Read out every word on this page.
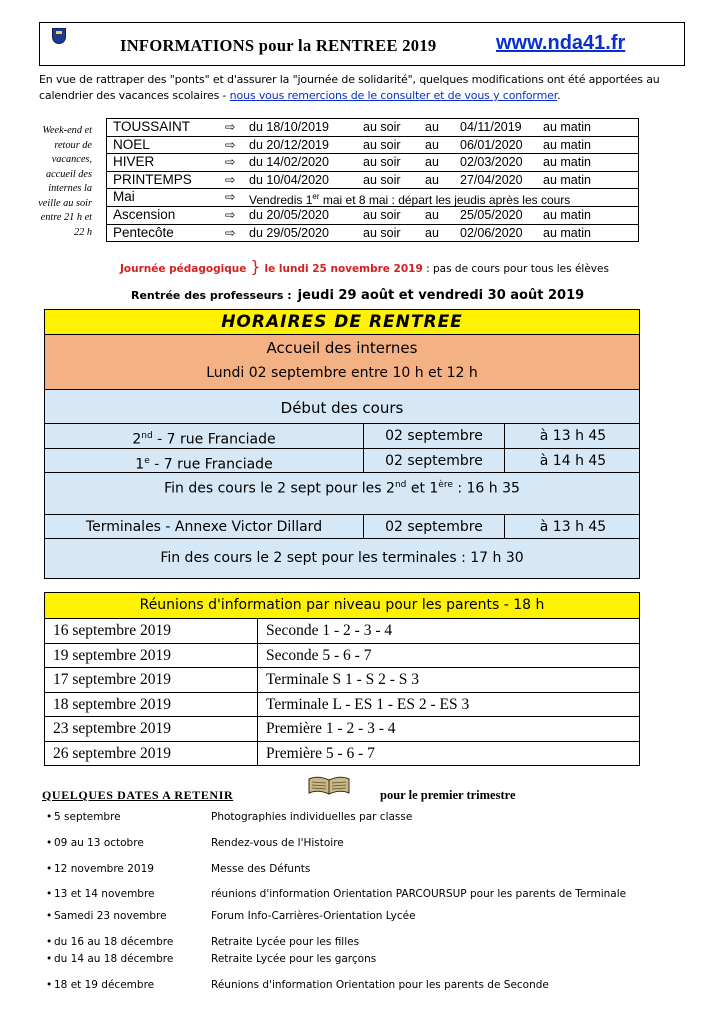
INFORMATIONS pour la RENTREE 2019	www.nda41.fr
En vue de rattraper des "ponts" et d'assurer la "journée de solidarité", quelques modifications ont été apportées au calendrier des vacances scolaires - nous vous remercions de le consulter et de vous y conformer.
Week-end et retour de vacances, accueil des internes la veille au soir entre 21 h et 22 h
TOUSSAINT	⇨ du 18/10/2019	au soir au 04/11/2019 au matin
NOEL	⇨ du 20/12/2019	au soir au 06/01/2020 au matin
HIVER	⇨ du 14/02/2020	au soir au 02/03/2020 au matin
PRINTEMPS	⇨ du 10/04/2020	au soir au 27/04/2020 au matin
Mai	⇨ Vendredis 1er mai et 8 mai : départ les jeudis après les cours
Ascension	⇨ du 20/05/2020	au soir au 25/05/2020 au matin
Pentecôte	⇨ du 29/05/2020	au soir au 02/06/2020 au matin
Journée pédagogique } le lundi 25 novembre 2019 : pas de cours pour tous les élèves
Rentrée des professeurs : jeudi 29 août et vendredi 30 août 2019
HORAIRES DE RENTREE
Accueil des internes
Lundi 02 septembre entre 10 h et 12 h
Début des cours
2nd - 7 rue Franciade	02 septembre	à 13 h 45
1e - 7 rue Franciade	02 septembre	à 14 h 45
Fin des cours le 2 sept pour les 2nd et 1ère : 16 h 35
Terminales - Annexe Victor Dillard	02 septembre	à 13 h 45
Fin des cours le 2 sept pour les terminales : 17 h 30
Réunions d'information par niveau pour les parents - 18 h
16 septembre 2019	Seconde 1 - 2 - 3 - 4
19 septembre 2019	Seconde 5 - 6 - 7
17 septembre 2019	Terminale S 1 - S 2 - S 3
18 septembre 2019	Terminale L - ES 1 - ES 2 - ES 3
23 septembre 2019	Première 1 - 2 - 3 - 4
26 septembre 2019	Première 5 - 6 - 7
QUELQUES DATES A RETENIR	pour le premier trimestre
• 5 septembre	Photographies individuelles par classe
• 09 au 13 octobre	Rendez-vous de l'Histoire
• 12 novembre 2019	Messe des Défunts
• 13 et 14 novembre	réunions d'information Orientation PARCOURSUP pour les parents de Terminale
• Samedi 23 novembre	Forum Info-Carrières-Orientation Lycée
• du 16 au 18 décembre	Retraite Lycée pour les filles
• du 14 au 18 décembre	Retraite Lycée pour les garçons
• 18 et 19 décembre	Réunions d'information Orientation pour les parents de Seconde
